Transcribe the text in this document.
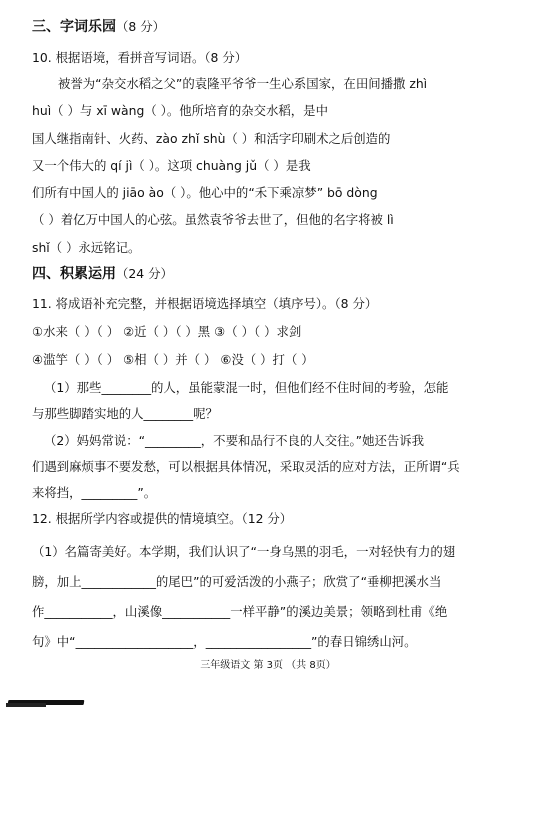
三、字词乐园（8 分）
10. 根据语境，看拼音写词语。（8 分）
被誉为“杂交水稻之父”的袁隆平爷爷一生心系国家，在田间播撒 zhì
huì（ ）与 xī wàng（ ）。他所培育的杂交水稻，是中
国人继指南针、火药、zào zhǐ shù（ ）和活字印刷术之后创造的
又一个伟大的 qí jì（ ）。这项 chuàng jǔ（ ）是我
们所有中国人的 jiāo ào（ ）。他心中的“禾下乘凉梦” bō dòng
（ ）着亿万中国人的心弦。虽然袁爷爷去世了，但他的名字将被 lì
shǐ（ ）永远铭记。
四、积累运用（24 分）
11. 将成语补充完整，并根据语境选择填空（填序号）。（8 分）
①水来（ ）（ ） ②近（ ）（ ）黑 ③（ ）（ ）求剑
④滥竽（ ）（ ） ⑤相（ ）并（ ） ⑥没（ ）打（ ）
（1）那些________的人，虽能蒙混一时，但他们经不住时间的考验，怎能
与那些脚踏实地的人________呢？
（2）妈妈常说：“_________，不要和品行不良的人交往。”她还告诉我
们遇到麻烦事不要发愁，可以根据具体情况，采取灵活的应对方法，正所谓“兵
来将挡，_________”。
12. 根据所学内容或提供的情境填空。（12 分）
（1）名篇寄美好。本学期，我们认识了“一身乌黑的羽毛，一对轻快有力的翅
膀，加上____________的尾巴”的可爱活泼的小燕子；欣赏了“垂柳把溪水当
作___________，山溪像___________一样平静”的溪边美景；领略到杜甫《绝
句》中“___________________，_________________”的春日锦绣山河。
三年级语文 第 3页 （共 8页）
